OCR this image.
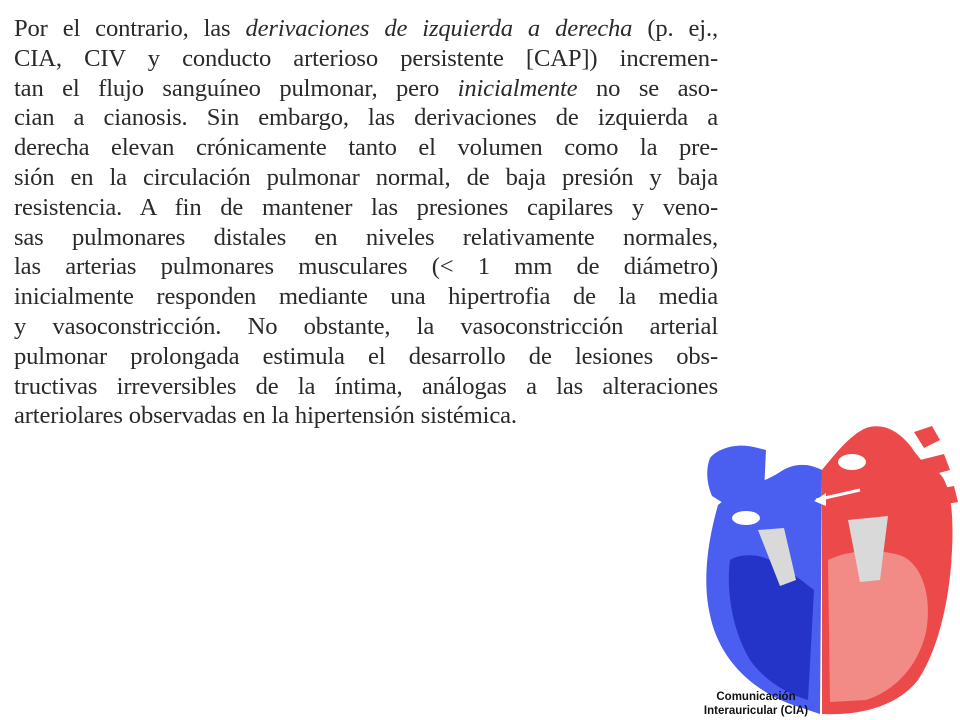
Por el contrario, las derivaciones de izquierda a derecha (p. ej.,
CIA, CIV y conducto arterioso persistente [CAP]) incremen-
tan el flujo sanguíneo pulmonar, pero inicialmente no se aso-
cian a cianosis. Sin embargo, las derivaciones de izquierda a
derecha elevan crónicamente tanto el volumen como la pre-
sión en la circulación pulmonar normal, de baja presión y baja
resistencia. A fin de mantener las presiones capilares y veno-
sas pulmonares distales en niveles relativamente normales,
las arterias pulmonares musculares (< 1 mm de diámetro)
inicialmente responden mediante una hipertrofia de la media
y vasoconstricción. No obstante, la vasoconstricción arterial
pulmonar prolongada estimula el desarrollo de lesiones obs-
tructivas irreversibles de la íntima, análogas a las alteraciones
arteriolares observadas en la hipertensión sistémica.
Comunicación
Interauricular (CIA)
